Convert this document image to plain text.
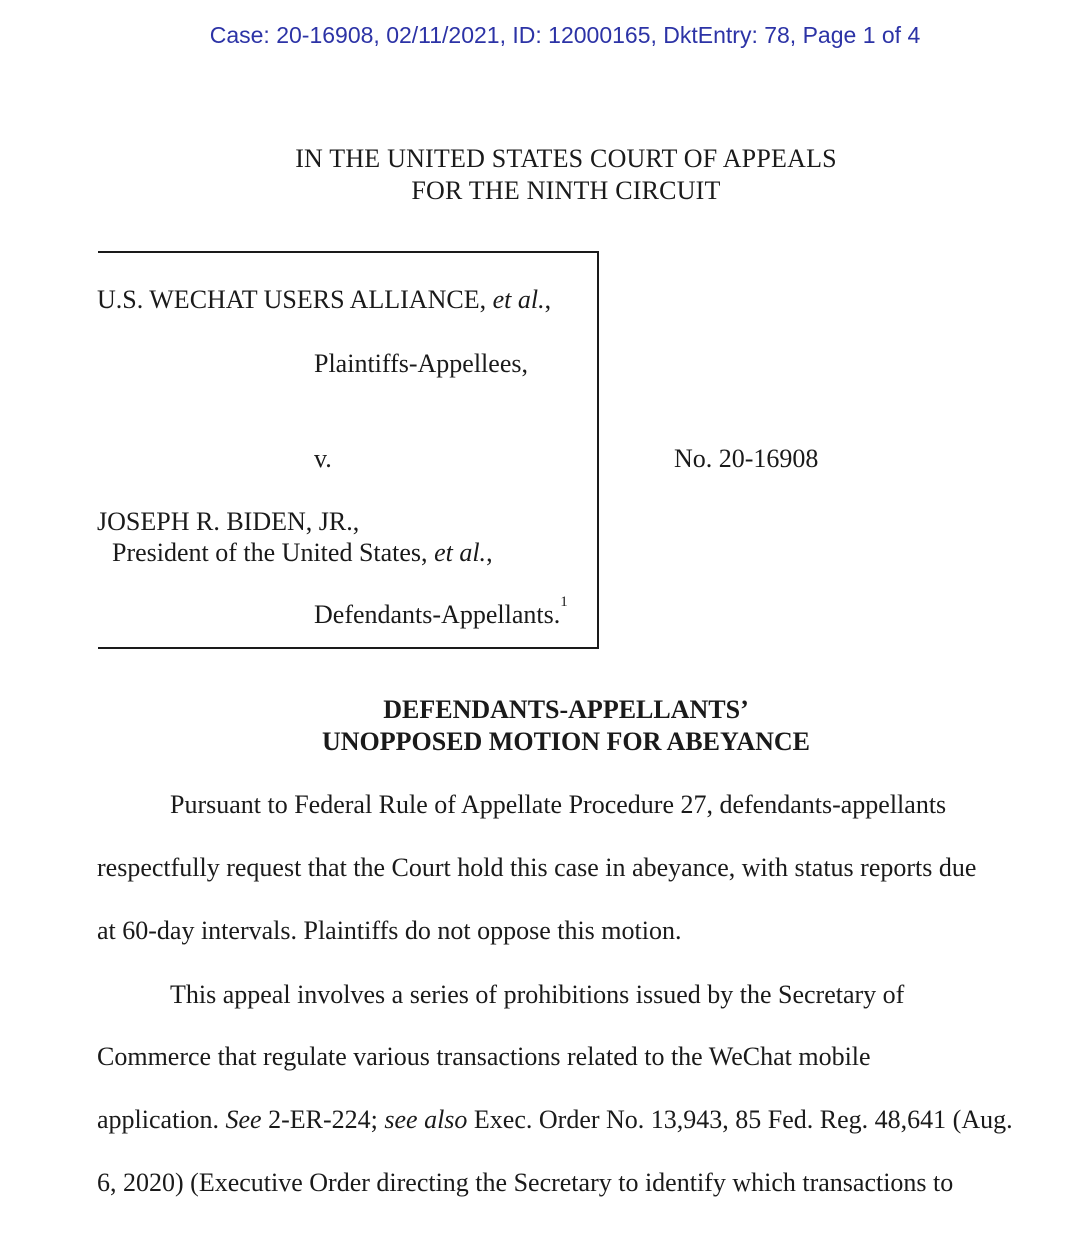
Case: 20-16908, 02/11/2021, ID: 12000165, DktEntry: 78, Page 1 of 4
IN THE UNITED STATES COURT OF APPEALS
FOR THE NINTH CIRCUIT
U.S. WECHAT USERS ALLIANCE, et al.,
Plaintiffs-Appellees,
v.
JOSEPH R. BIDEN, JR.,
President of the United States, et al.,
Defendants-Appellants.$^1$
No. 20-16908
DEFENDANTS-APPELLANTS’
UNOPPOSED MOTION FOR ABEYANCE
Pursuant to Federal Rule of Appellate Procedure 27, defendants-appellants
respectfully request that the Court hold this case in abeyance, with status reports due
at 60-day intervals. Plaintiffs do not oppose this motion.
This appeal involves a series of prohibitions issued by the Secretary of
Commerce that regulate various transactions related to the WeChat mobile
application. See 2-ER-224; see also Exec. Order No. 13,943, 85 Fed. Reg. 48,641 (Aug.
6, 2020) (Executive Order directing the Secretary to identify which transactions to
